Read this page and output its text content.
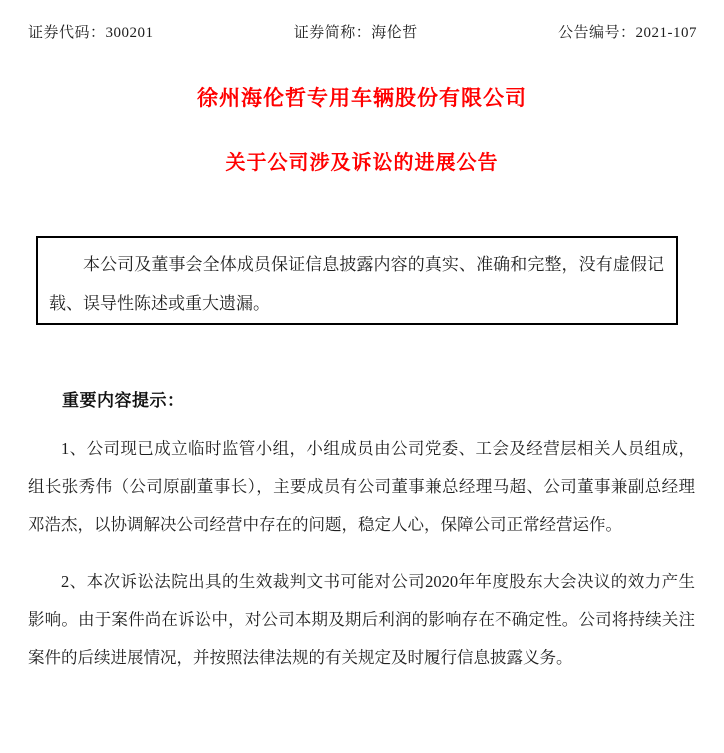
证券代码：300201	证券简称：海伦哲	公告编号：2021-107
徐州海伦哲专用车辆股份有限公司
关于公司涉及诉讼的进展公告
本公司及董事会全体成员保证信息披露内容的真实、准确和完整，没有虚假记载、误导性陈述或重大遗漏。
重要内容提示：

1、公司现已成立临时监管小组，小组成员由公司党委、工会及经营层相关人员组成，组长张秀伟（公司原副董事长），主要成员有公司董事兼总经理马超、公司董事兼副总经理邓浩杰，以协调解决公司经营中存在的问题，稳定人心，保障公司正常经营运作。

2、本次诉讼法院出具的生效裁判文书可能对公司2020年年度股东大会决议的效力产生影响。由于案件尚在诉讼中，对公司本期及期后利润的影响存在不确定性。公司将持续关注案件的后续进展情况，并按照法律法规的有关规定及时履行信息披露义务。
